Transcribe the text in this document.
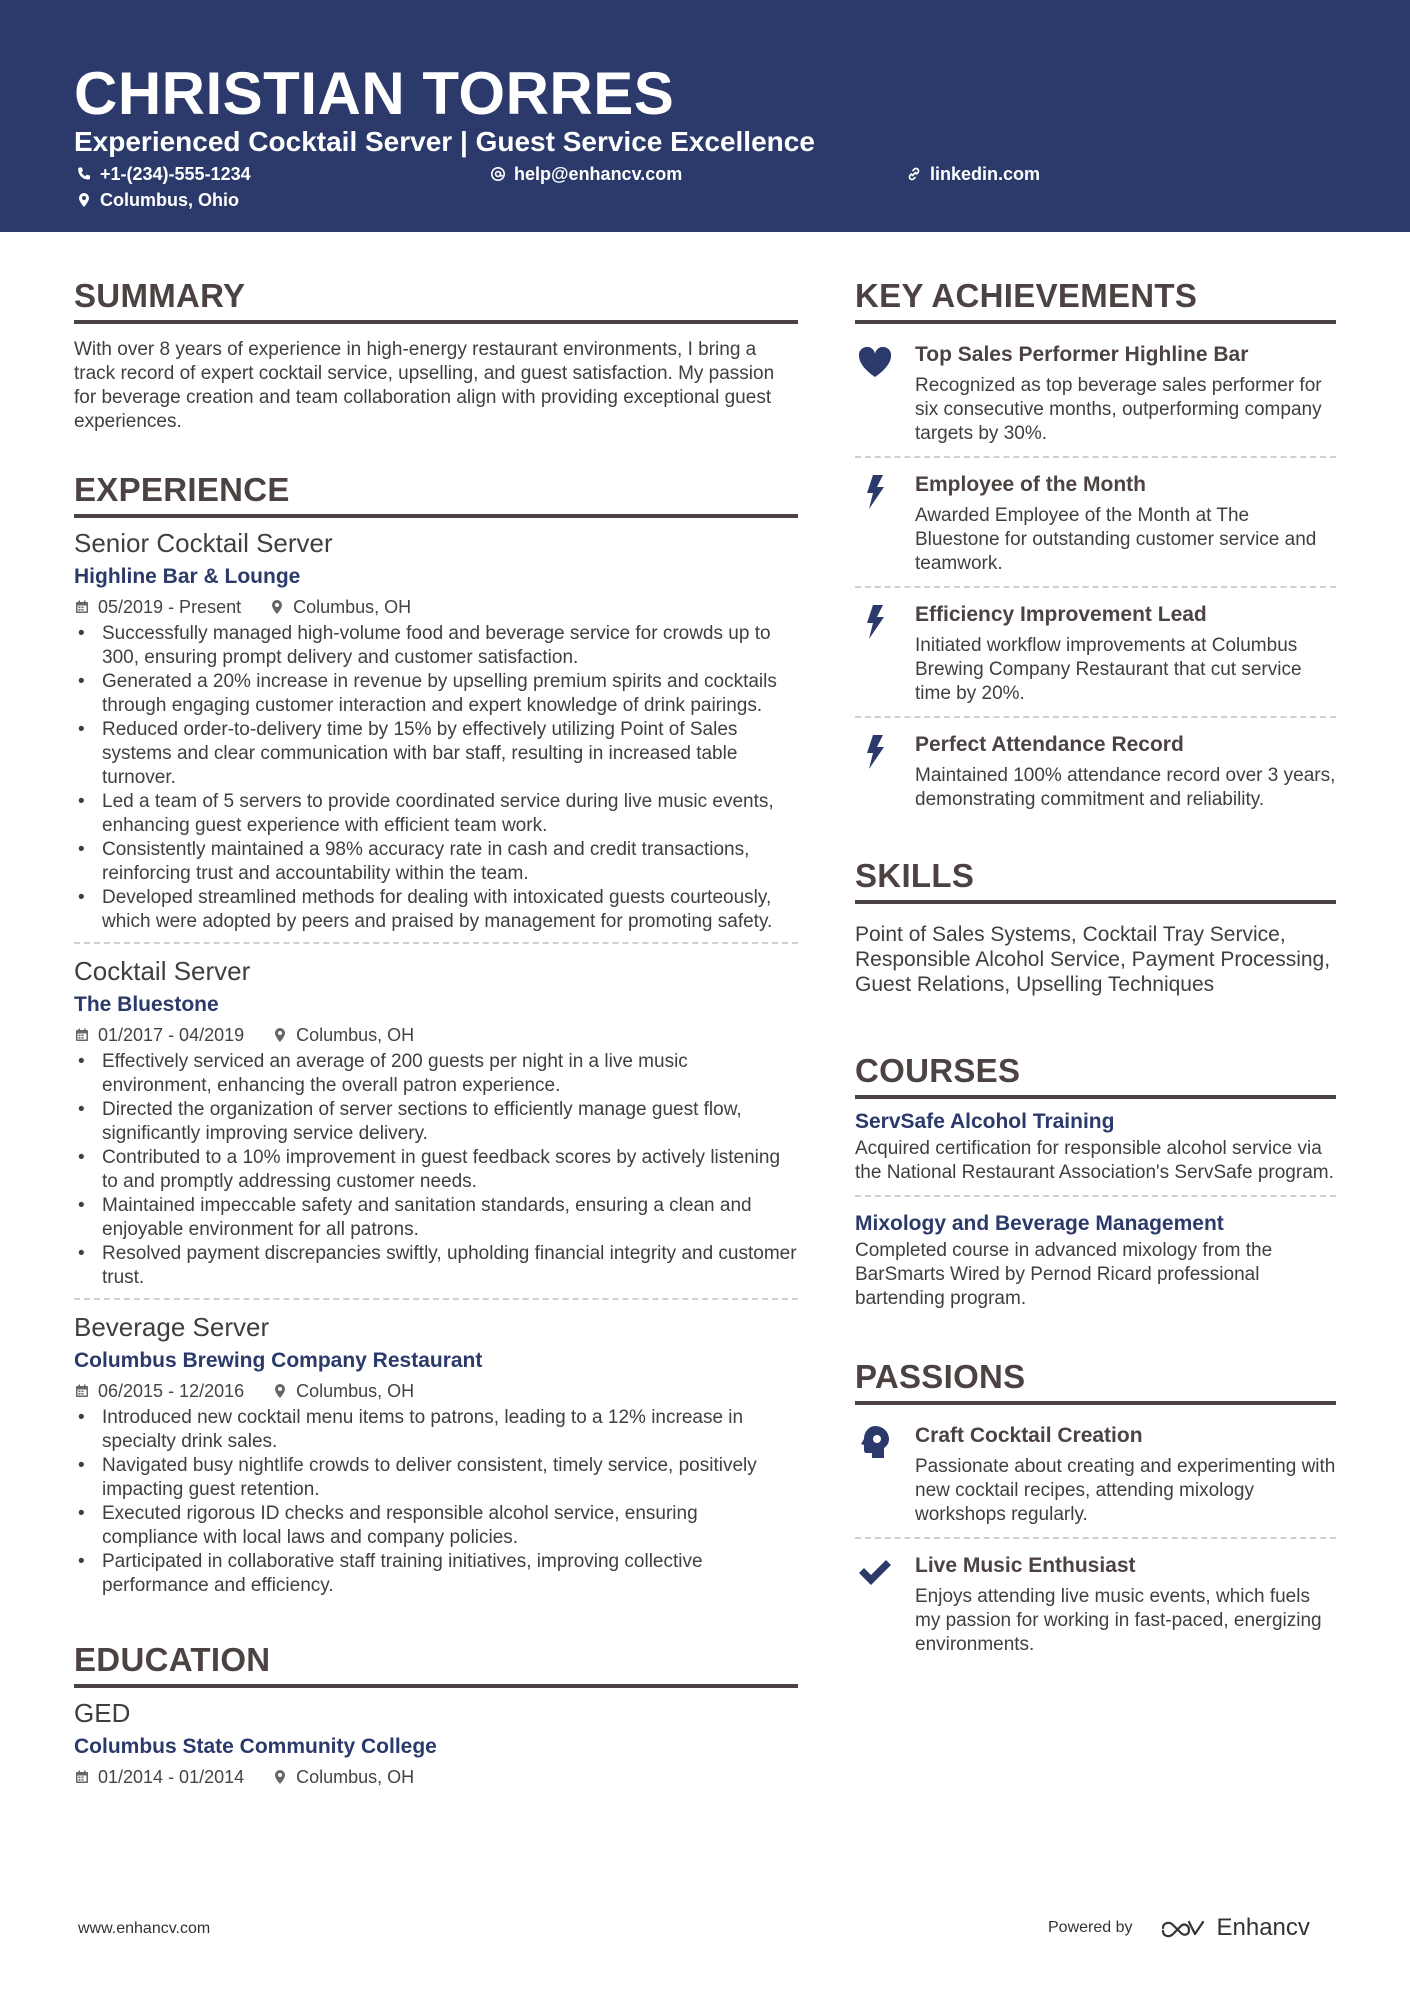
CHRISTIAN TORRES
Experienced Cocktail Server | Guest Service Excellence
+1-(234)-555-1234	help@enhancv.com	linkedin.com
Columbus, Ohio
SUMMARY

With over 8 years of experience in high-energy restaurant environments, I bring a track record of expert cocktail service, upselling, and guest satisfaction. My passion for beverage creation and team collaboration align with providing exceptional guest experiences.

EXPERIENCE
Senior Cocktail Server
Highline Bar & Lounge
05/2019 - Present	Columbus, OH
• Successfully managed high-volume food and beverage service for crowds up to 300, ensuring prompt delivery and customer satisfaction.
• Generated a 20% increase in revenue by upselling premium spirits and cocktails through engaging customer interaction and expert knowledge of drink pairings.
• Reduced order-to-delivery time by 15% by effectively utilizing Point of Sales systems and clear communication with bar staff, resulting in increased table turnover.
• Led a team of 5 servers to provide coordinated service during live music events, enhancing guest experience with efficient team work.
• Consistently maintained a 98% accuracy rate in cash and credit transactions, reinforcing trust and accountability within the team.
• Developed streamlined methods for dealing with intoxicated guests courteously, which were adopted by peers and praised by management for promoting safety.
Cocktail Server
The Bluestone
01/2017 - 04/2019	Columbus, OH
• Effectively serviced an average of 200 guests per night in a live music environment, enhancing the overall patron experience.
• Directed the organization of server sections to efficiently manage guest flow, significantly improving service delivery.
• Contributed to a 10% improvement in guest feedback scores by actively listening to and promptly addressing customer needs.
• Maintained impeccable safety and sanitation standards, ensuring a clean and enjoyable environment for all patrons.
• Resolved payment discrepancies swiftly, upholding financial integrity and customer trust.
Beverage Server
Columbus Brewing Company Restaurant
06/2015 - 12/2016	Columbus, OH
• Introduced new cocktail menu items to patrons, leading to a 12% increase in specialty drink sales.
• Navigated busy nightlife crowds to deliver consistent, timely service, positively impacting guest retention.
• Executed rigorous ID checks and responsible alcohol service, ensuring compliance with local laws and company policies.
• Participated in collaborative staff training initiatives, improving collective performance and efficiency.
EDUCATION
GED
Columbus State Community College
01/2014 - 01/2014	Columbus, OH
KEY ACHIEVEMENTS
Top Sales Performer Highline Bar
Recognized as top beverage sales performer for six consecutive months, outperforming company targets by 30%.
Employee of the Month
Awarded Employee of the Month at The Bluestone for outstanding customer service and teamwork.
Efficiency Improvement Lead
Initiated workflow improvements at Columbus Brewing Company Restaurant that cut service time by 20%.
Perfect Attendance Record
Maintained 100% attendance record over 3 years, demonstrating commitment and reliability.
SKILLS

Point of Sales Systems, Cocktail Tray Service, Responsible Alcohol Service, Payment Processing, Guest Relations, Upselling Techniques

COURSES
ServSafe Alcohol Training
Acquired certification for responsible alcohol service via the National Restaurant Association's ServSafe program.
Mixology and Beverage Management
Completed course in advanced mixology from the BarSmarts Wired by Pernod Ricard professional bartending program.
PASSIONS
Craft Cocktail Creation
Passionate about creating and experimenting with new cocktail recipes, attending mixology workshops regularly.
Live Music Enthusiast
Enjoys attending live music events, which fuels my passion for working in fast-paced, energizing environments.
www.enhancv.com	Powered by	Enhancv
